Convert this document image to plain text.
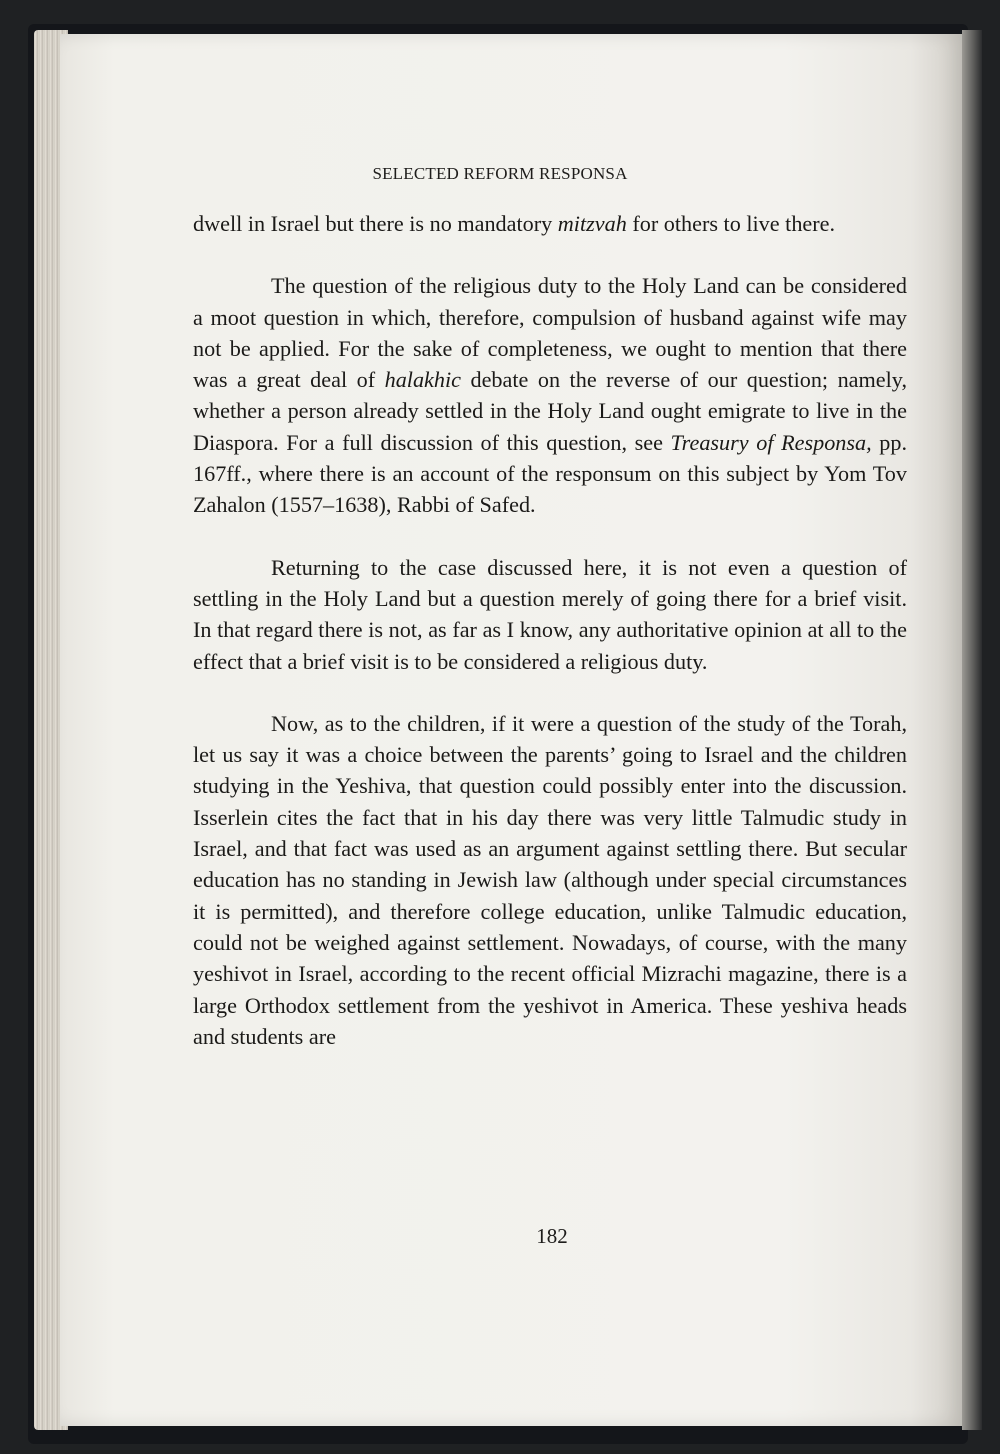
SELECTED REFORM RESPONSA

dwell in Israel but there is no mandatory mitzvah for others to live there.

The question of the religious duty to the Holy Land can be considered a moot question in which, therefore, compulsion of husband against wife may not be applied. For the sake of completeness, we ought to mention that there was a great deal of halakhic debate on the reverse of our question; namely, whether a person already settled in the Holy Land ought emigrate to live in the Diaspora. For a full discussion of this question, see Treasury of Responsa, pp. 167ff., where there is an account of the responsum on this subject by Yom Tov Zahalon (1557–1638), Rabbi of Safed.

Returning to the case discussed here, it is not even a question of settling in the Holy Land but a question merely of going there for a brief visit. In that regard there is not, as far as I know, any authoritative opinion at all to the effect that a brief visit is to be considered a religious duty.

Now, as to the children, if it were a question of the study of the Torah, let us say it was a choice between the parents’ going to Israel and the children studying in the Yeshiva, that question could possibly enter into the discussion. Isserlein cites the fact that in his day there was very little Talmudic study in Israel, and that fact was used as an argument against settling there. But secular education has no standing in Jewish law (although under special circumstances it is permitted), and therefore college education, unlike Talmudic education, could not be weighed against settlement. Nowadays, of course, with the many yeshivot in Israel, according to the recent official Mizrachi magazine, there is a large Orthodox settlement from the yeshivot in America. These yeshiva heads and students are

182
